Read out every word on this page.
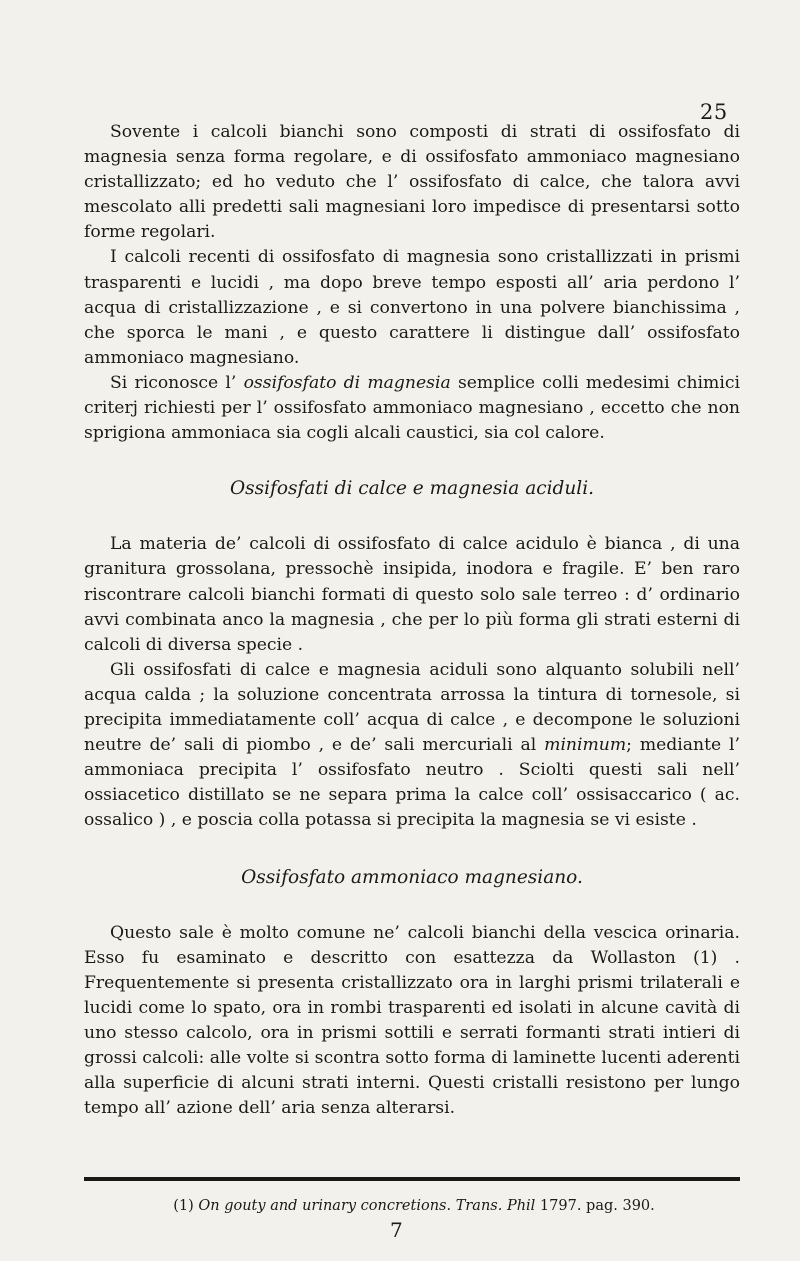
25

Sovente i calcoli bianchi sono composti di strati di ossifosfato di magnesia senza forma regolare, e di ossifosfato ammoniaco magnesiano cristallizzato; ed ho veduto che l’ ossifosfato di calce, che talora avvi mescolato alli predetti sali magnesiani loro impedisce di presentarsi sotto forme regolari.

I calcoli recenti di ossifosfato di magnesia sono cristallizzati in prismi trasparenti e lucidi , ma dopo breve tempo esposti all’ aria perdono l’ acqua di cristallizzazione , e si convertono in una polvere bianchissima , che sporca le mani , e questo carattere li distingue dall’ ossifosfato ammoniaco magnesiano.

Si riconosce l’ ossifosfato di magnesia semplice colli medesimi chimici criterj richiesti per l’ ossifosfato ammoniaco magnesiano , eccetto che non sprigiona ammoniaca sia cogli alcali caustici, sia col calore.

Ossifosfati di calce e magnesia aciduli.

La materia de’ calcoli di ossifosfato di calce acidulo è bianca , di una granitura grossolana, pressochè insipida, inodora e fragile. E’ ben raro riscontrare calcoli bianchi formati di questo solo sale terreo : d’ ordinario avvi combinata anco la magnesia , che per lo più forma gli strati esterni di calcoli di diversa specie .

Gli ossifosfati di calce e magnesia aciduli sono alquanto solubili nell’ acqua calda ; la soluzione concentrata arrossa la tintura di tornesole, si precipita immediatamente coll’ acqua di calce , e decompone le soluzioni neutre de’ sali di piombo , e de’ sali mercuriali al minimum; mediante l’ ammoniaca precipita l’ ossifosfato neutro . Sciolti questi sali nell’ ossiacetico distillato se ne separa prima la calce coll’ ossisaccarico ( ac. ossalico ) , e poscia colla potassa si precipita la magnesia se vi esiste .

Ossifosfato ammoniaco magnesiano.

Questo sale è molto comune ne’ calcoli bianchi della vescica orinaria. Esso fu esaminato e descritto con esattezza da Wollaston (1) . Frequentemente si presenta cristallizzato ora in larghi prismi trilaterali e lucidi come lo spato, ora in rombi trasparenti ed isolati in alcune cavità di uno stesso calcolo, ora in prismi sottili e serrati formanti strati intieri di grossi calcoli: alle volte si scontra sotto forma di laminette lucenti aderenti alla superficie di alcuni strati interni. Questi cristalli resistono per lungo tempo all’ azione dell’ aria senza alterarsi.

(1) On gouty and urinary concretions. Trans. Phil 1797. pag. 390.
7
